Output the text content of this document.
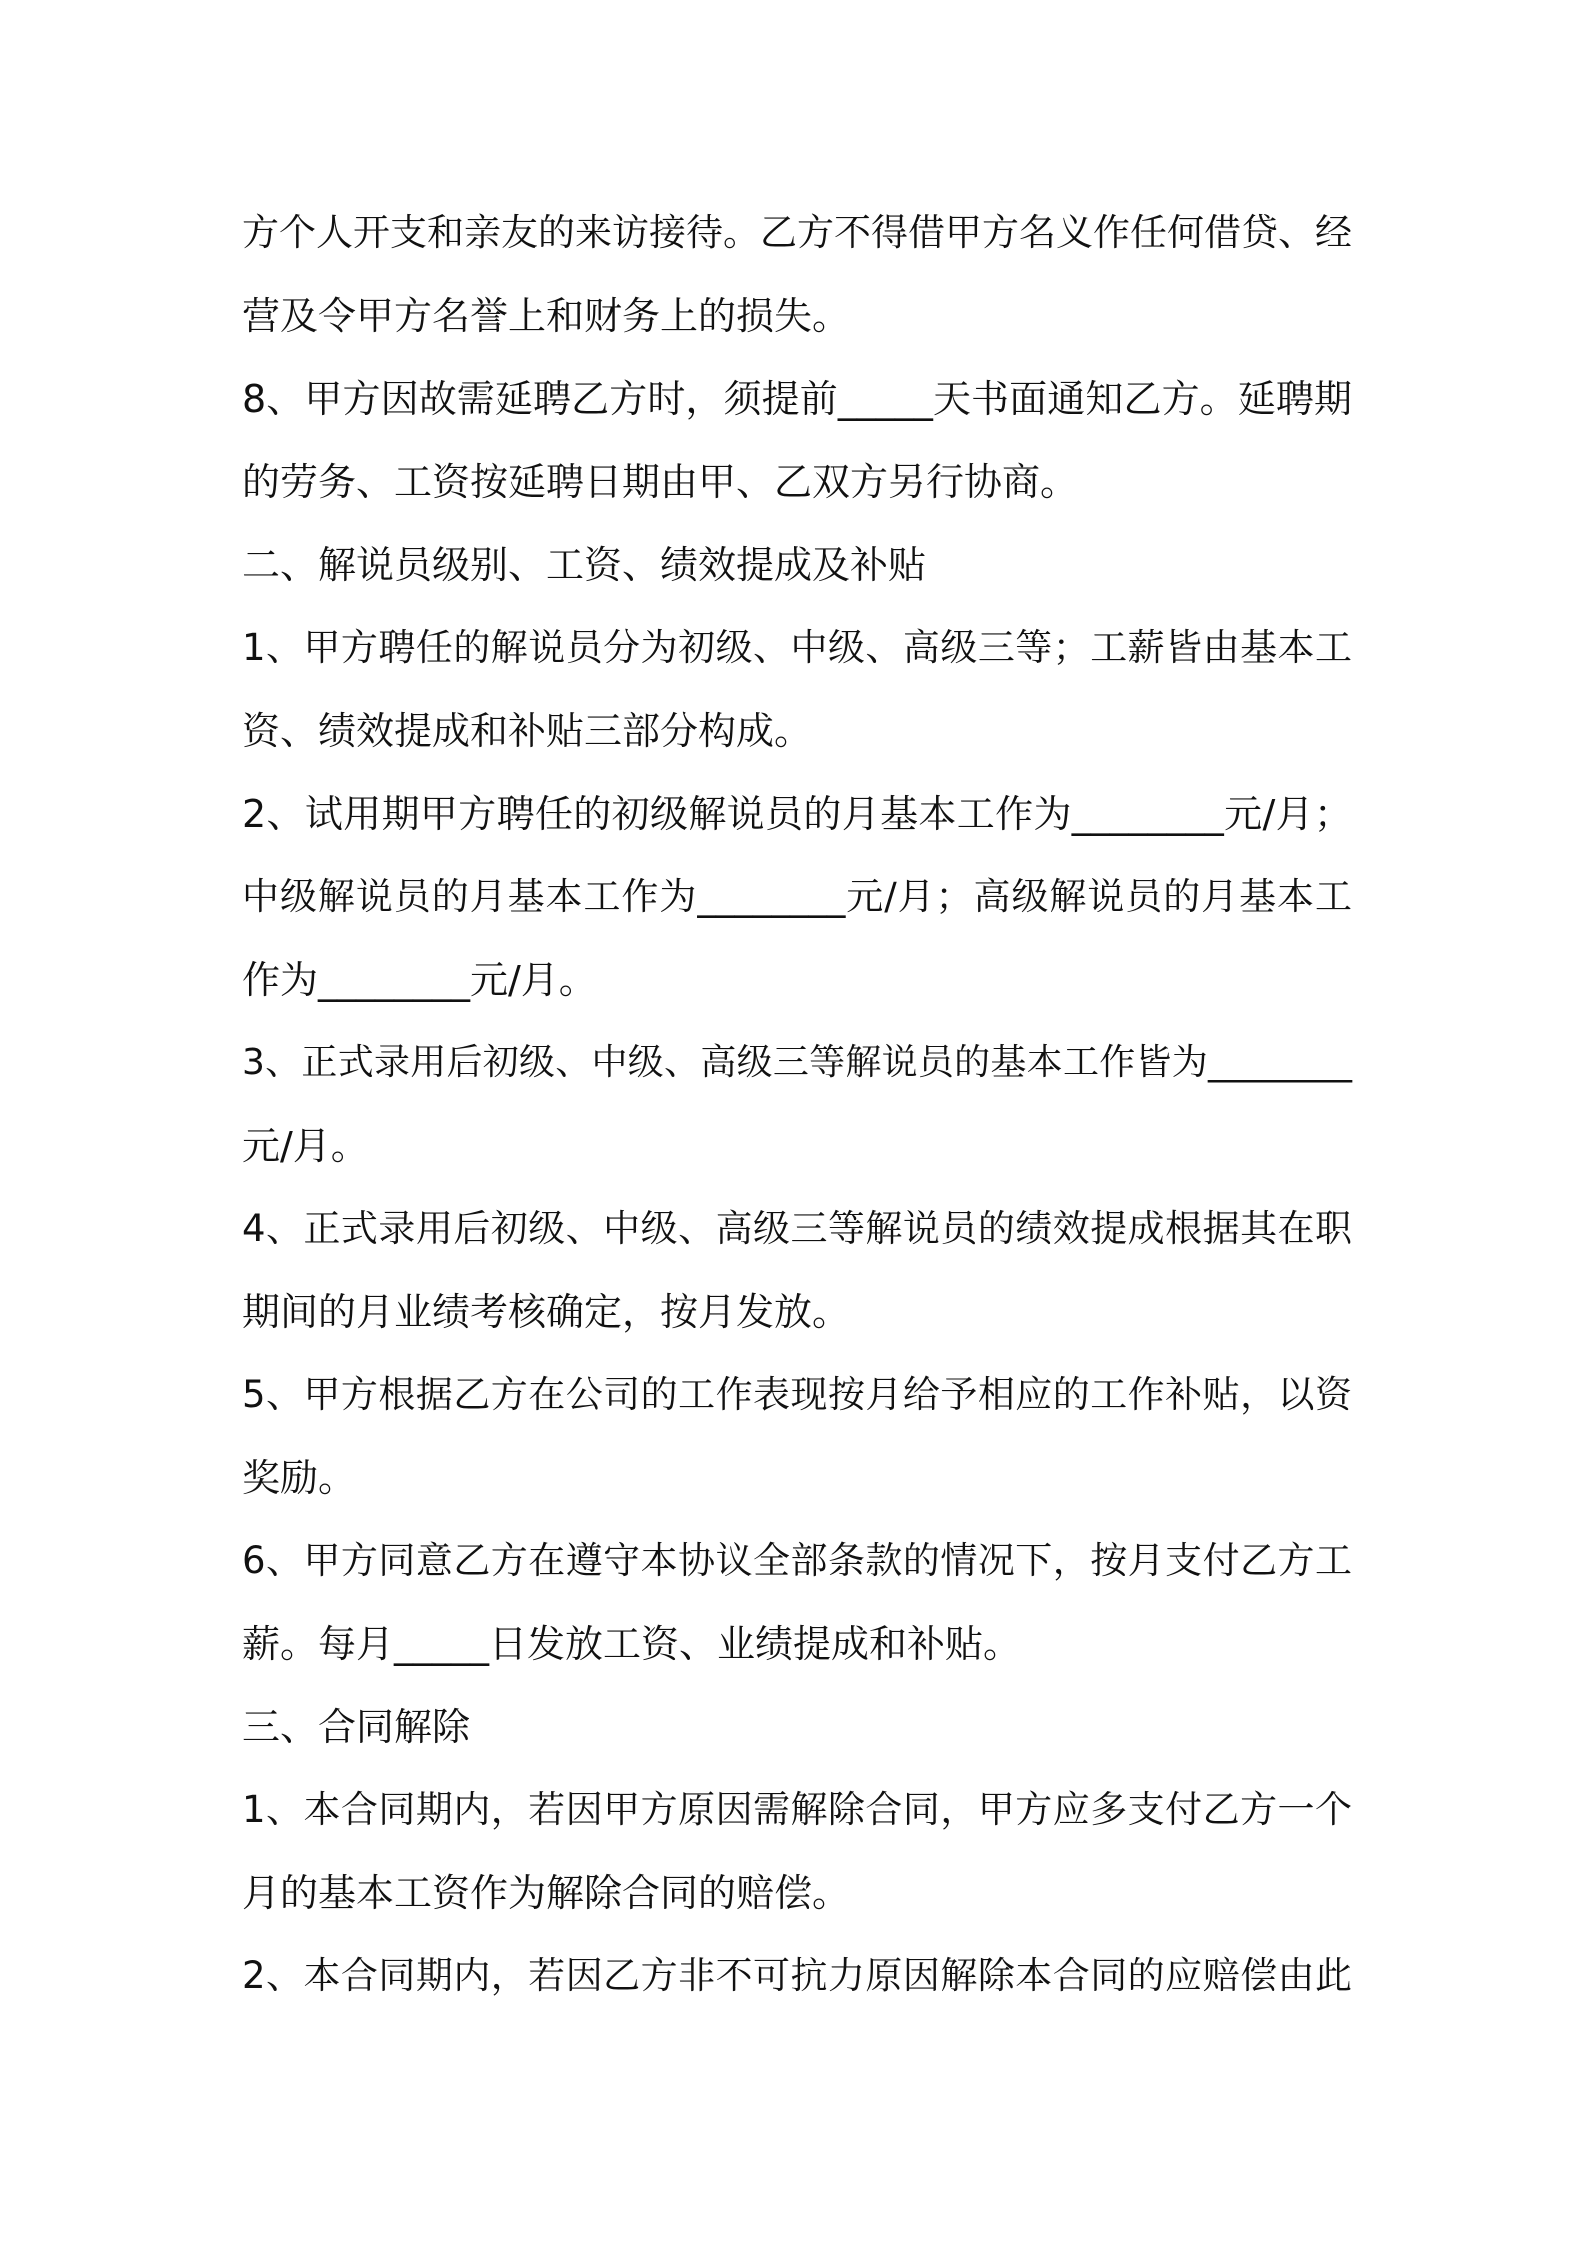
方个人开支和亲友的来访接待。乙方不得借甲方名义作任何借贷、经
营及令甲方名誉上和财务上的损失。
8、甲方因故需延聘乙方时，须提前_____天书面通知乙方。延聘期
的劳务、工资按延聘日期由甲、乙双方另行协商。
二、解说员级别、工资、绩效提成及补贴
1、甲方聘任的解说员分为初级、中级、高级三等；工薪皆由基本工
资、绩效提成和补贴三部分构成。
2、试用期甲方聘任的初级解说员的月基本工作为________元/月；
中级解说员的月基本工作为________元/月；高级解说员的月基本工
作为________元/月。
3、正式录用后初级、中级、高级三等解说员的基本工作皆为________
元/月。
4、正式录用后初级、中级、高级三等解说员的绩效提成根据其在职
期间的月业绩考核确定，按月发放。
5、甲方根据乙方在公司的工作表现按月给予相应的工作补贴，以资
奖励。
6、甲方同意乙方在遵守本协议全部条款的情况下，按月支付乙方工
薪。每月_____日发放工资、业绩提成和补贴。
三、合同解除
1、本合同期内，若因甲方原因需解除合同，甲方应多支付乙方一个
月的基本工资作为解除合同的赔偿。
2、本合同期内，若因乙方非不可抗力原因解除本合同的应赔偿由此
